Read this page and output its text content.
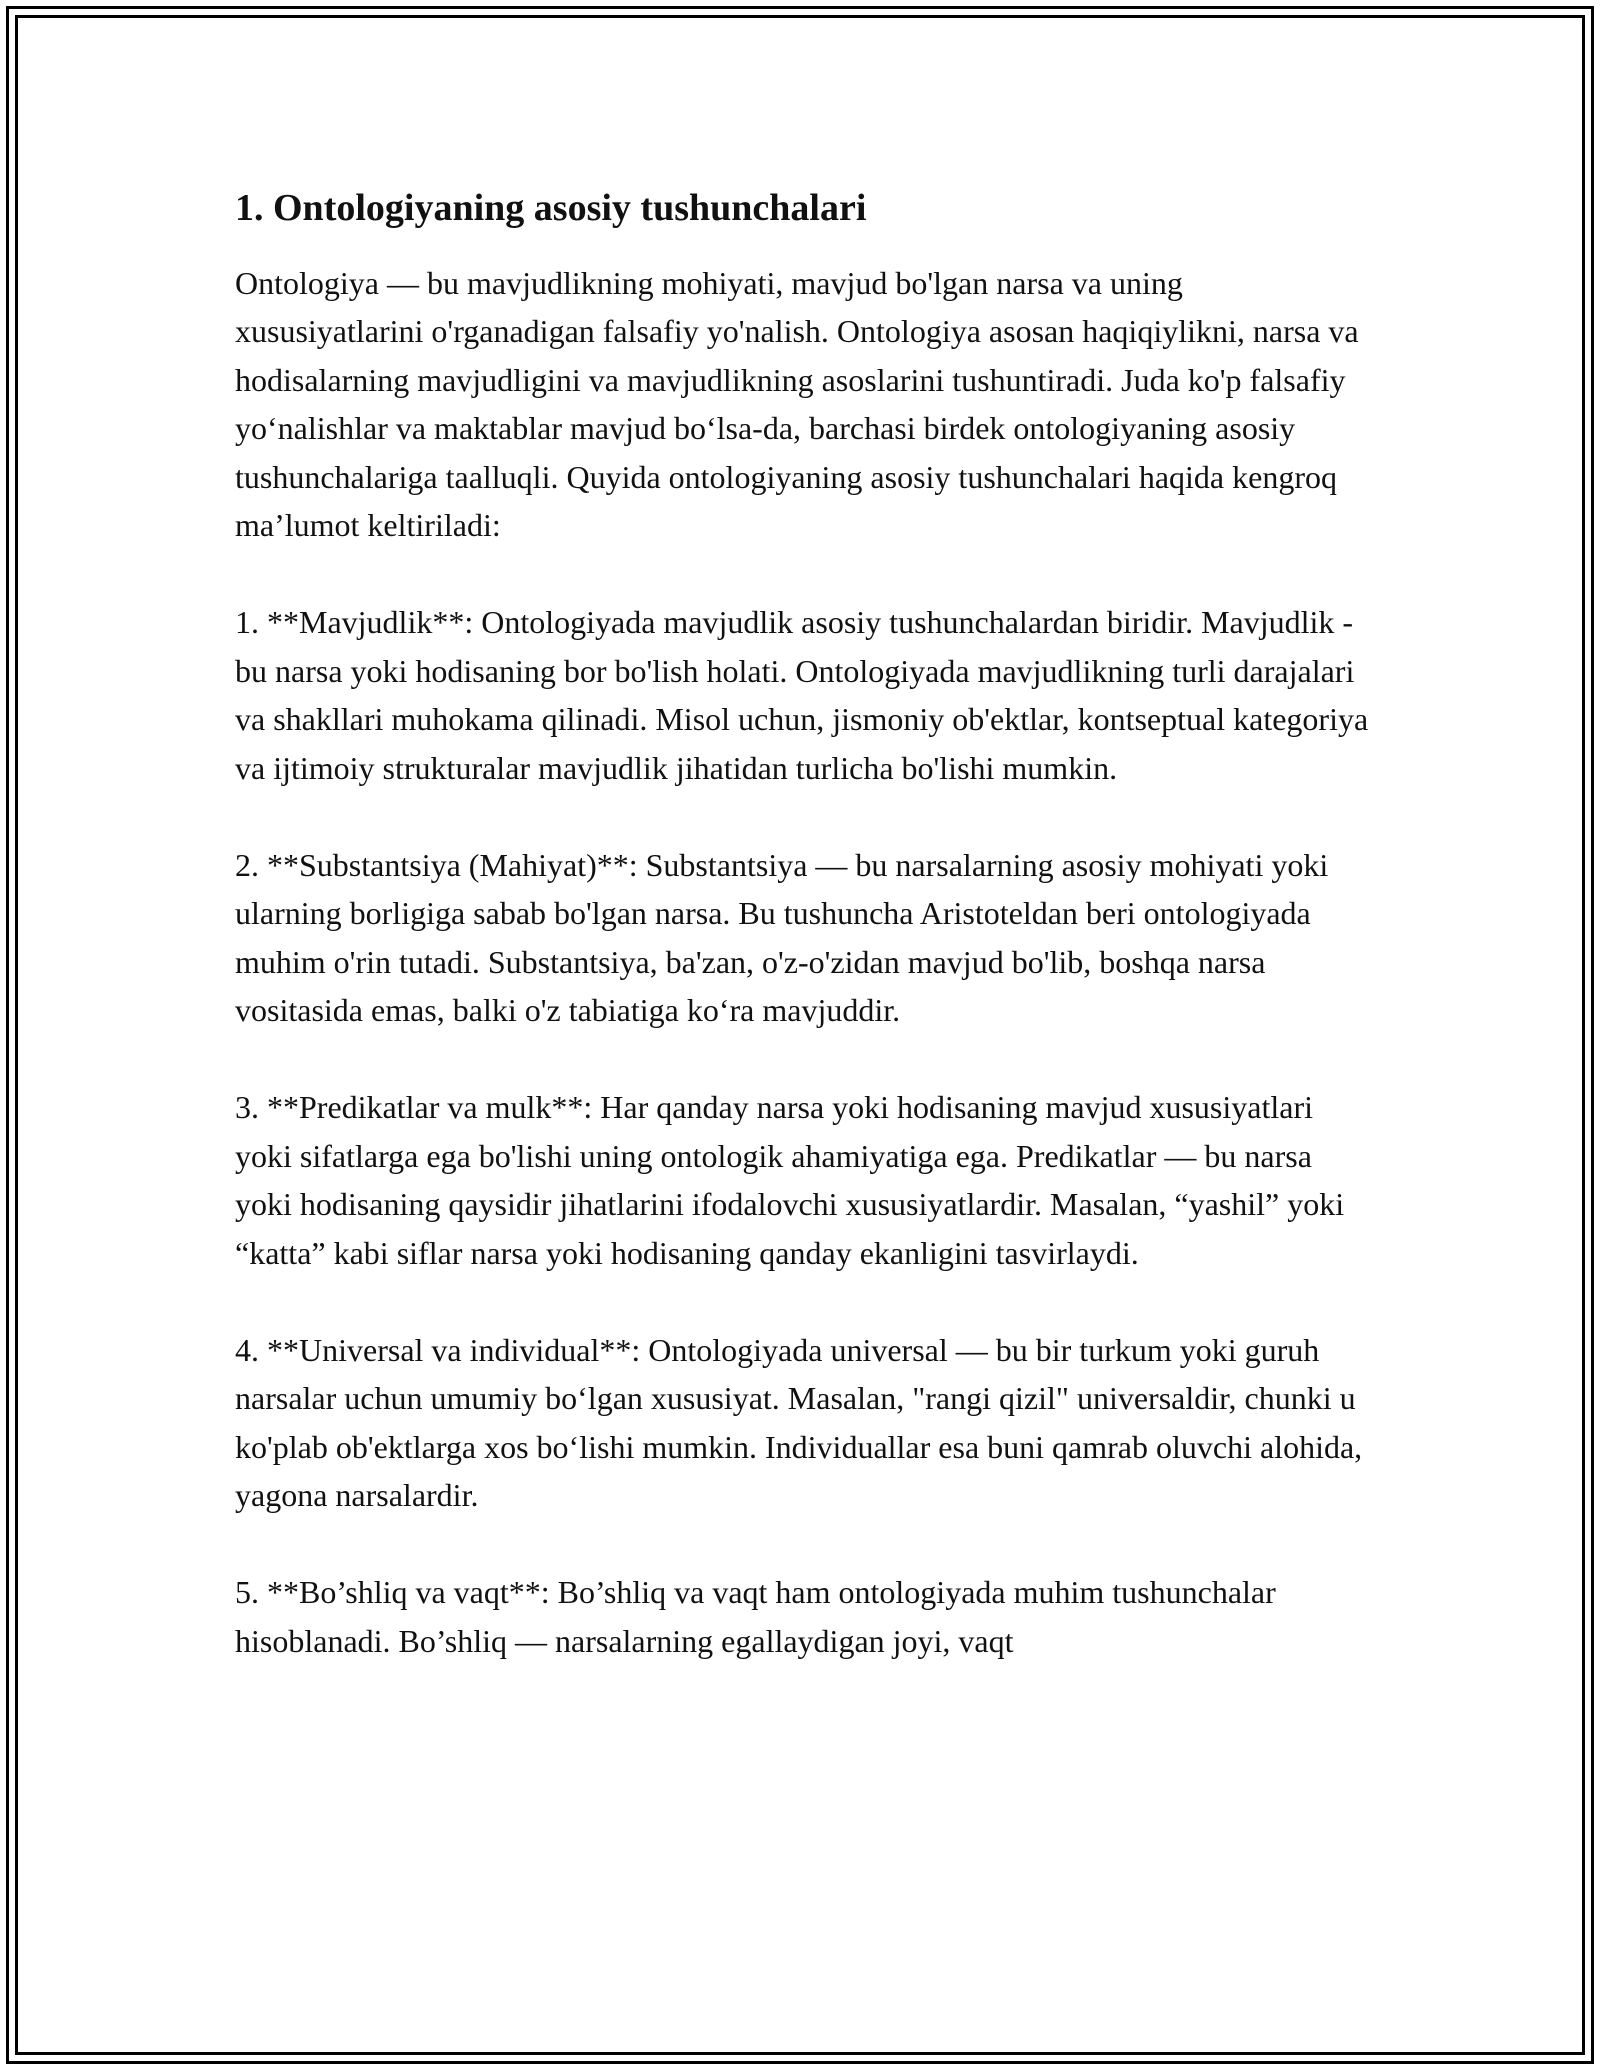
1. Ontologiyaning asosiy tushunchalari

Ontologiya — bu mavjudlikning mohiyati, mavjud bo'lgan narsa va uning xususiyatlarini o'rganadigan falsafiy yo'nalish. Ontologiya asosan haqiqiylikni, narsa va hodisalarning mavjudligini va mavjudlikning asoslarini tushuntiradi. Juda ko'p falsafiy yo‘nalishlar va maktablar mavjud bo‘lsa-da, barchasi birdek ontologiyaning asosiy tushunchalariga taalluqli. Quyida ontologiyaning asosiy tushunchalari haqida kengroq ma’lumot keltiriladi:

1. **Mavjudlik**: Ontologiyada mavjudlik asosiy tushunchalardan biridir. Mavjudlik - bu narsa yoki hodisaning bor bo'lish holati. Ontologiyada mavjudlikning turli darajalari va shakllari muhokama qilinadi. Misol uchun, jismoniy ob'ektlar, kontseptual kategoriya va ijtimoiy strukturalar mavjudlik jihatidan turlicha bo'lishi mumkin.

2. **Substantsiya (Mahiyat)**: Substantsiya — bu narsalarning asosiy mohiyati yoki ularning borligiga sabab bo'lgan narsa. Bu tushuncha Aristoteldan beri ontologiyada muhim o'rin tutadi. Substantsiya, ba'zan, o'z-o'zidan mavjud bo'lib, boshqa narsa vositasida emas, balki o'z tabiatiga ko‘ra mavjuddir.

3. **Predikatlar va mulk**: Har qanday narsa yoki hodisaning mavjud xususiyatlari yoki sifatlarga ega bo'lishi uning ontologik ahamiyatiga ega. Predikatlar — bu narsa yoki hodisaning qaysidir jihatlarini ifodalovchi xususiyatlardir. Masalan, “yashil” yoki “katta” kabi siflar narsa yoki hodisaning qanday ekanligini tasvirlaydi.

4. **Universal va individual**: Ontologiyada universal — bu bir turkum yoki guruh narsalar uchun umumiy bo‘lgan xususiyat. Masalan, "rangi qizil" universaldir, chunki u ko'plab ob'ektlarga xos bo‘lishi mumkin. Individuallar esa buni qamrab oluvchi alohida, yagona narsalardir.

5. **Bo’shliq va vaqt**: Bo’shliq va vaqt ham ontologiyada muhim tushunchalar hisoblanadi. Bo’shliq — narsalarning egallaydigan joyi, vaqt
